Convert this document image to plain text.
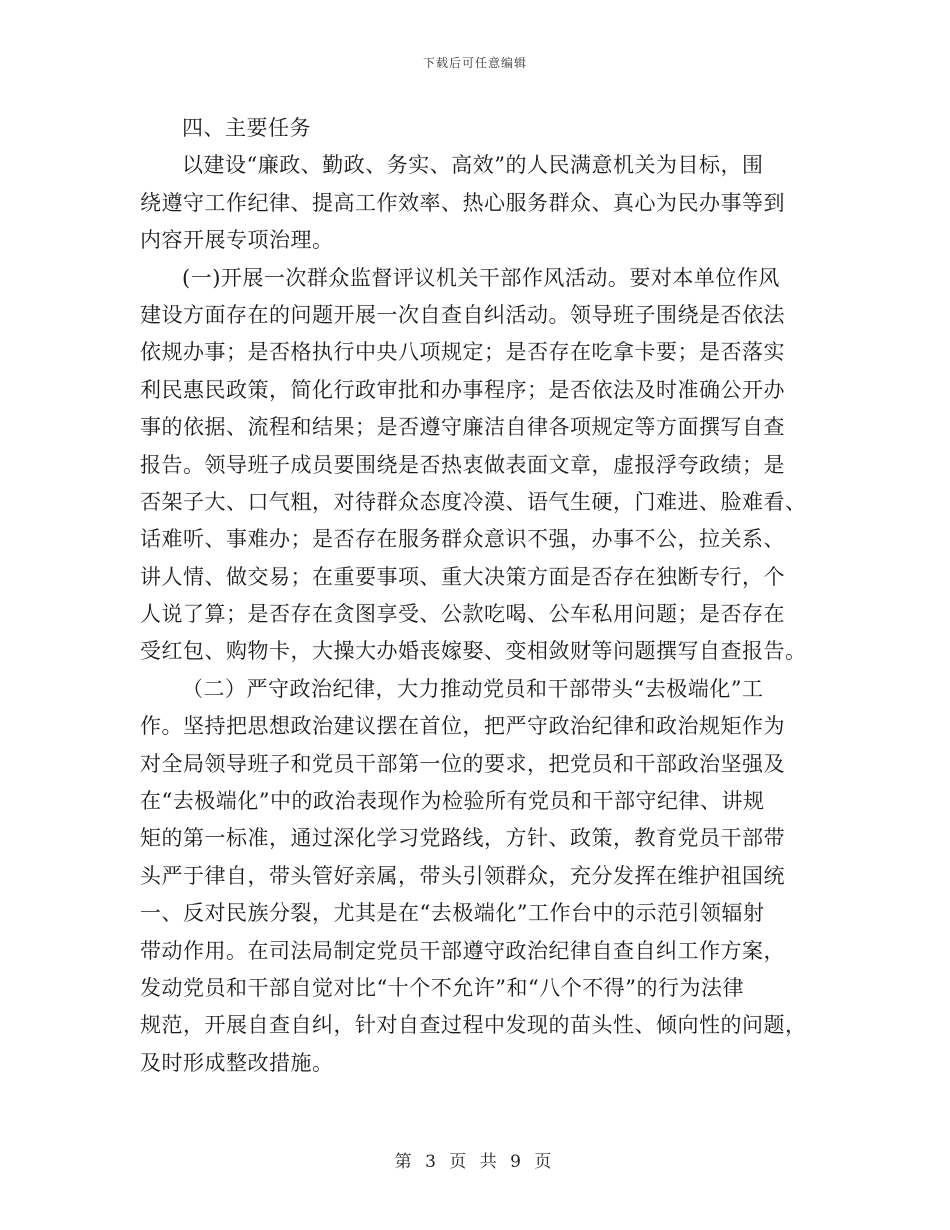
下载后可任意编辑
四、主要任务
以建设“廉政、勤政、务实、高效”的人民满意机关为目标，围
绕遵守工作纪律、提高工作效率、热心服务群众、真心为民办事等到
内容开展专项治理。
(一)开展一次群众监督评议机关干部作风活动。要对本单位作风
建设方面存在的问题开展一次自查自纠活动。领导班子围绕是否依法
依规办事；是否格执行中央八项规定；是否存在吃拿卡要；是否落实
利民惠民政策，简化行政审批和办事程序；是否依法及时准确公开办
事的依据、流程和结果；是否遵守廉洁自律各项规定等方面撰写自查
报告。领导班子成员要围绕是否热衷做表面文章，虚报浮夸政绩；是
否架子大、口气粗，对待群众态度冷漠、语气生硬，门难进、脸难看、
话难听、事难办；是否存在服务群众意识不强，办事不公，拉关系、
讲人情、做交易；在重要事项、重大决策方面是否存在独断专行，个
人说了算；是否存在贪图享受、公款吃喝、公车私用问题；是否存在
受红包、购物卡，大操大办婚丧嫁娶、变相敛财等问题撰写自查报告。
（二）严守政治纪律，大力推动党员和干部带头“去极端化”工
作。坚持把思想政治建议摆在首位，把严守政治纪律和政治规矩作为
对全局领导班子和党员干部第一位的要求，把党员和干部政治坚强及
在“去极端化”中的政治表现作为检验所有党员和干部守纪律、讲规
矩的第一标准，通过深化学习党路线，方针、政策，教育党员干部带
头严于律自，带头管好亲属，带头引领群众，充分发挥在维护祖国统
一、反对民族分裂，尤其是在“去极端化”工作台中的示范引领辐射
带动作用。在司法局制定党员干部遵守政治纪律自查自纠工作方案，
发动党员和干部自觉对比“十个不允许”和“八个不得”的行为法律
规范，开展自查自纠，针对自查过程中发现的苗头性、倾向性的问题，
及时形成整改措施。
第 3 页 共 9 页
